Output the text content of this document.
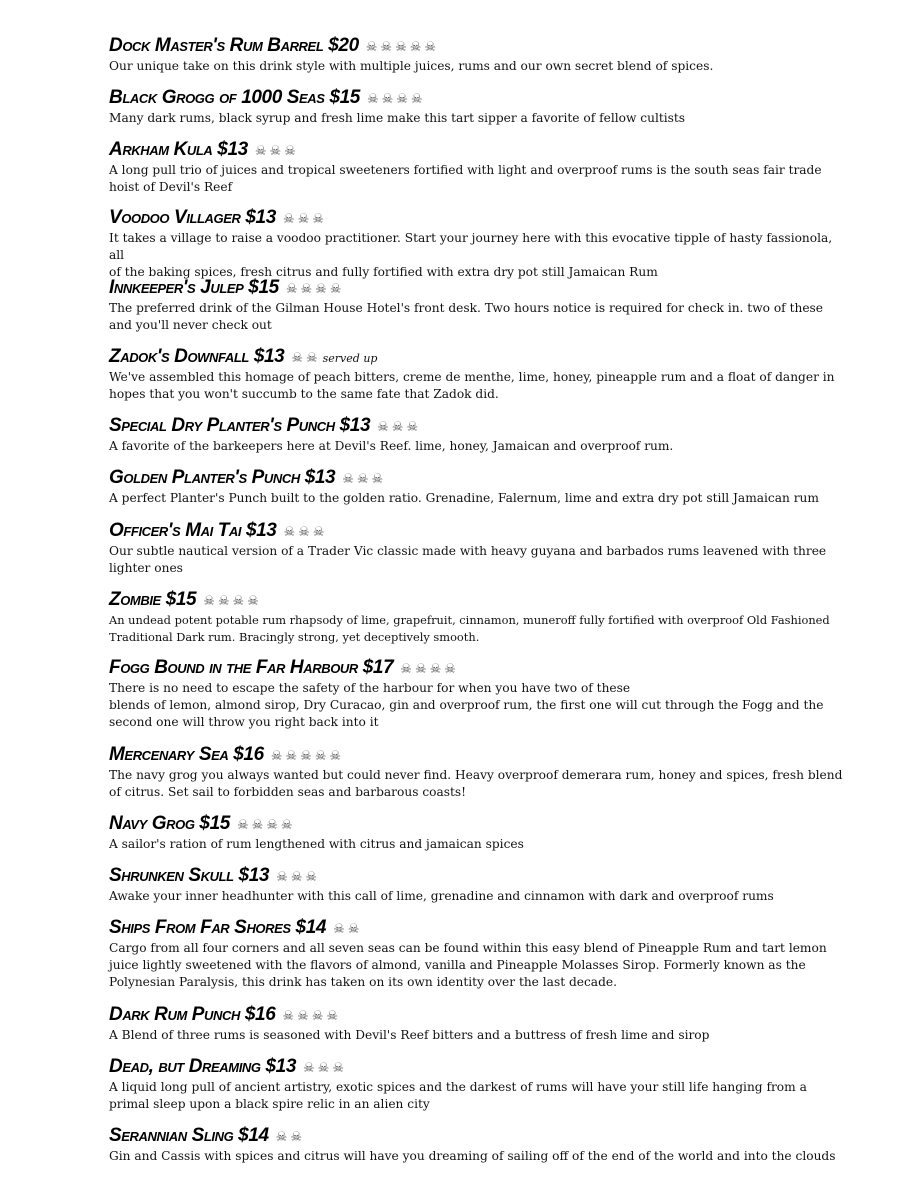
Dock Master's Rum Barrel $20 ☠ ☠ ☠ ☠ ☠
Our unique take on this drink style with multiple juices, rums and our own secret blend of spices.
Black Grogg of 1000 Seas $15 ☠ ☠ ☠ ☠
Many dark rums, black syrup and fresh lime make this tart sipper a favorite of fellow cultists
Arkham Kula $13 ☠ ☠ ☠
A long pull trio of juices and tropical sweeteners fortified with light and overproof rums is the south seas fair trade
hoist of Devil's Reef
Voodoo Villager $13 ☠ ☠ ☠
It takes a village to raise a voodoo practitioner. Start your journey here with this evocative tipple of hasty fassionola, all
of the baking spices, fresh citrus and fully fortified with extra dry pot still Jamaican Rum
Innkeeper's Julep $15 ☠ ☠ ☠ ☠
The preferred drink of the Gilman House Hotel's front desk. Two hours notice is required for check in. two of these
and you'll never check out
Zadok's Downfall $13 ☠ ☠ served up
We've assembled this homage of peach bitters, creme de menthe, lime, honey, pineapple rum and a float of danger in
hopes that you won't succumb to the same fate that Zadok did.
Special Dry Planter's Punch $13 ☠ ☠ ☠
A favorite of the barkeepers here at Devil's Reef. lime, honey, Jamaican and overproof rum.
Golden Planter's Punch $13 ☠ ☠ ☠
A perfect Planter's Punch built to the golden ratio. Grenadine, Falernum, lime and extra dry pot still Jamaican rum
Officer's Mai Tai $13 ☠ ☠ ☠
Our subtle nautical version of a Trader Vic classic made with heavy guyana and barbados rums leavened with three
lighter ones
Zombie $15 ☠ ☠ ☠ ☠
An undead potent potable rum rhapsody of lime, grapefruit, cinnamon, muneroff fully fortified with overproof Old Fashioned
Traditional Dark rum. Bracingly strong, yet deceptively smooth.
Fogg Bound in the Far Harbour $17 ☠ ☠ ☠ ☠
There is no need to escape the safety of the harbour for when you have two of these
blends of lemon, almond sirop, Dry Curacao, gin and overproof rum, the first one will cut through the Fogg and the
second one will throw you right back into it
Mercenary Sea $16 ☠ ☠ ☠ ☠ ☠
The navy grog you always wanted but could never find. Heavy overproof demerara rum, honey and spices, fresh blend
of citrus. Set sail to forbidden seas and barbarous coasts!
Navy Grog $15 ☠ ☠ ☠ ☠
A sailor's ration of rum lengthened with citrus and jamaican spices
Shrunken Skull $13 ☠ ☠ ☠
Awake your inner headhunter with this call of lime, grenadine and cinnamon with dark and overproof rums
Ships From Far Shores $14 ☠ ☠
Cargo from all four corners and all seven seas can be found within this easy blend of Pineapple Rum and tart lemon
juice lightly sweetened with the flavors of almond, vanilla and Pineapple Molasses Sirop. Formerly known as the
Polynesian Paralysis, this drink has taken on its own identity over the last decade.
Dark Rum Punch $16 ☠ ☠ ☠ ☠
A Blend of three rums is seasoned with Devil's Reef bitters and a buttress of fresh lime and sirop
Dead, but Dreaming $13 ☠ ☠ ☠
A liquid long pull of ancient artistry, exotic spices and the darkest of rums will have your still life hanging from a
primal sleep upon a black spire relic in an alien city
Serannian Sling $14 ☠ ☠
Gin and Cassis with spices and citrus will have you dreaming of sailing off of the end of the world and into the clouds
